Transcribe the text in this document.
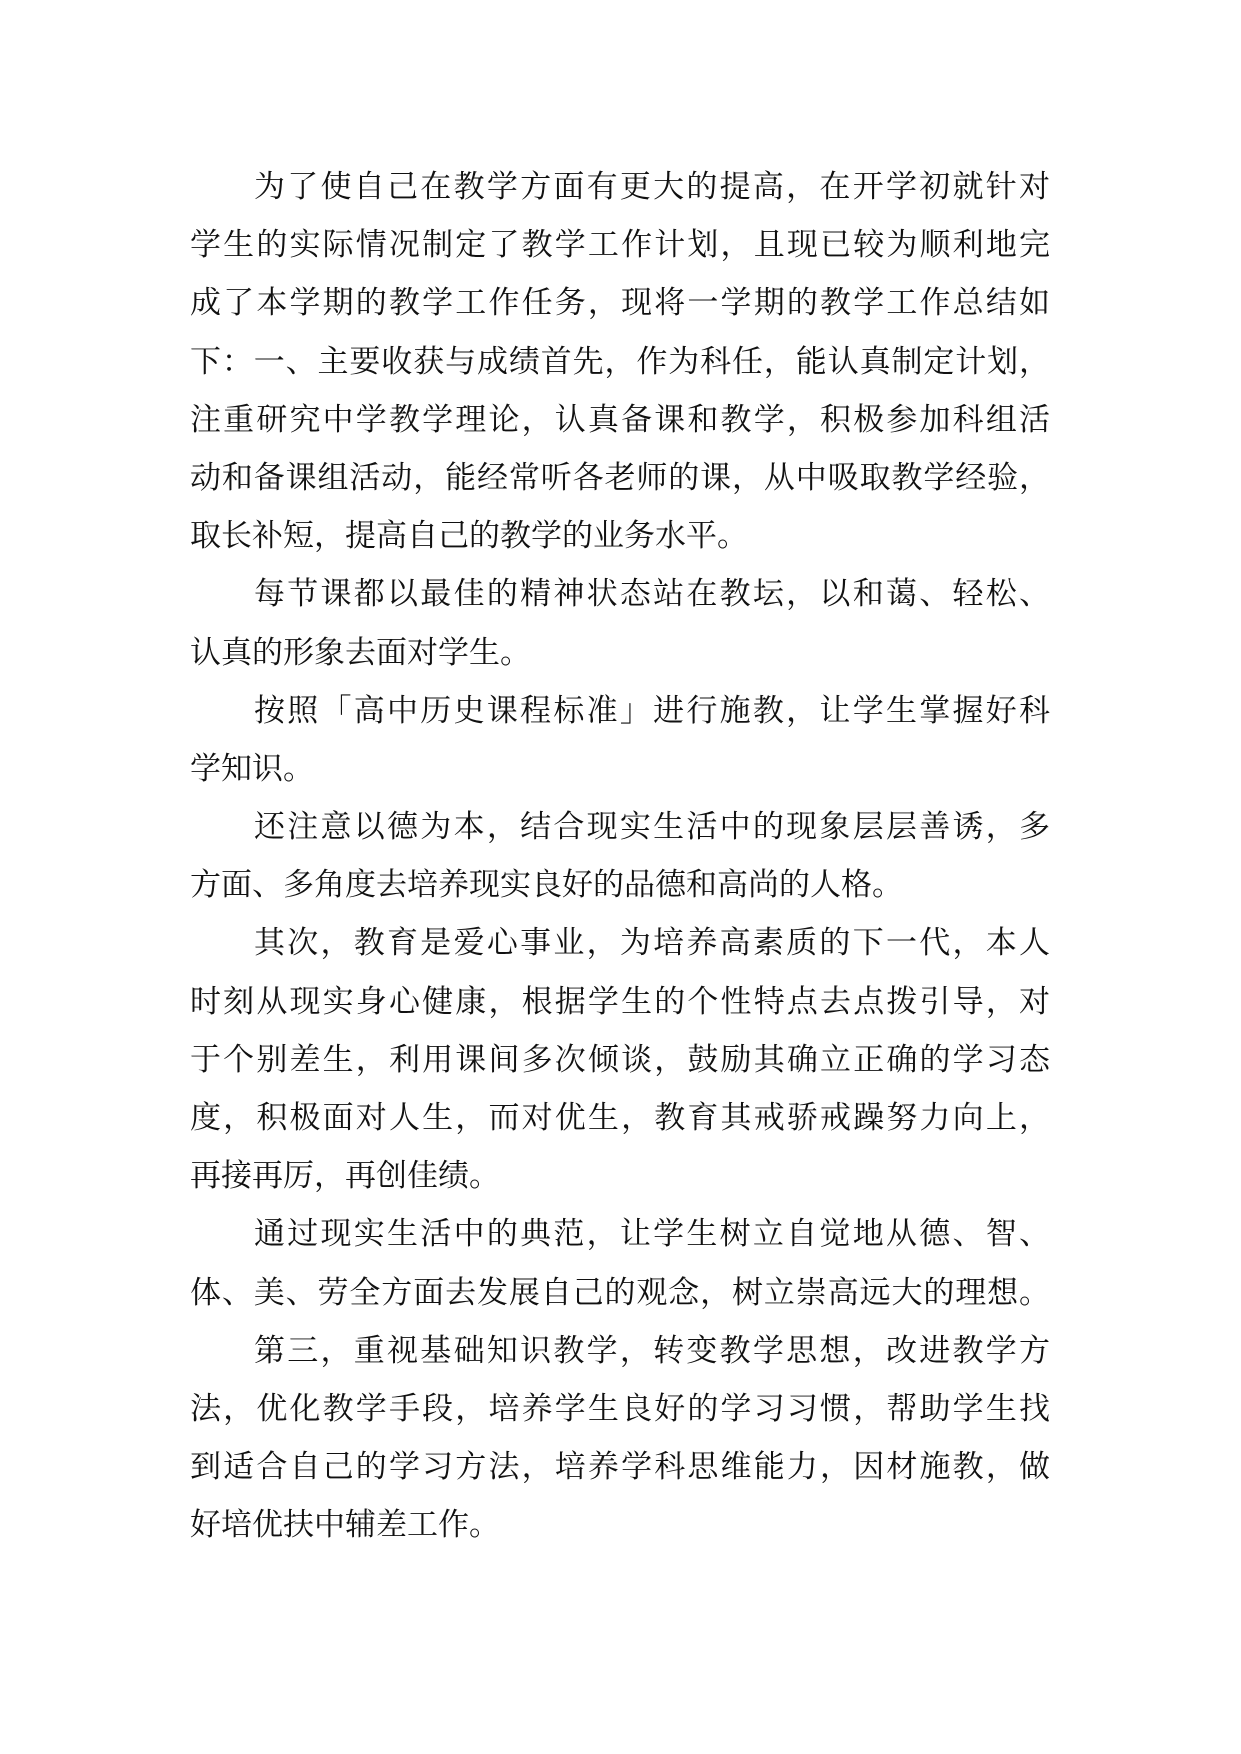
为了使自己在教学方面有更大的提高，在开学初就针对
学生的实际情况制定了教学工作计划，且现已较为顺利地完
成了本学期的教学工作任务，现将一学期的教学工作总结如
下：一、主要收获与成绩首先，作为科任，能认真制定计划，
注重研究中学教学理论，认真备课和教学，积极参加科组活
动和备课组活动，能经常听各老师的课，从中吸取教学经验，
取长补短，提高自己的教学的业务水平。
每节课都以最佳的精神状态站在教坛，以和蔼、轻松、
认真的形象去面对学生。
按照「高中历史课程标准」进行施教，让学生掌握好科
学知识。
还注意以德为本，结合现实生活中的现象层层善诱，多
方面、多角度去培养现实良好的品德和高尚的人格。
其次，教育是爱心事业，为培养高素质的下一代，本人
时刻从现实身心健康，根据学生的个性特点去点拨引导，对
于个别差生，利用课间多次倾谈，鼓励其确立正确的学习态
度，积极面对人生，而对优生，教育其戒骄戒躁努力向上，
再接再厉，再创佳绩。
通过现实生活中的典范，让学生树立自觉地从德、智、
体、美、劳全方面去发展自己的观念，树立崇高远大的理想。
第三，重视基础知识教学，转变教学思想，改进教学方
法，优化教学手段，培养学生良好的学习习惯，帮助学生找
到适合自己的学习方法，培养学科思维能力，因材施教，做
好培优扶中辅差工作。
